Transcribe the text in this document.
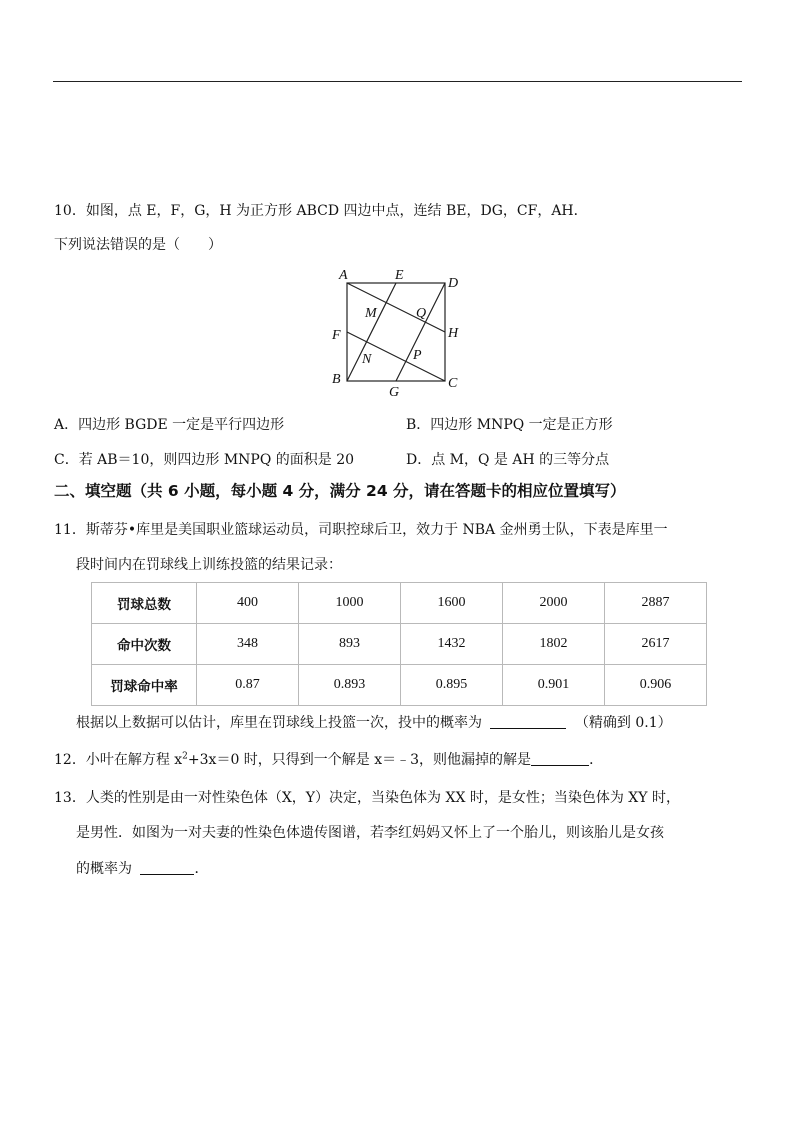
10．如图，点 E，F，G，H 为正方形 ABCD 四边中点，连结 BE，DG，CF，AH．
下列说法错误的是（　　）
A	E
D
M	Q
H
F
N	P
B
G
C
A．四边形 BGDE 一定是平行四边形	B．四边形 MNPQ 一定是正方形
C．若 AB＝10，则四边形 MNPQ 的面积是 20	D．点 M，Q 是 AH 的三等分点
二、填空题（共 6 小题，每小题 4 分，满分 24 分，请在答题卡的相应位置填写）
11．斯蒂芬•库里是美国职业篮球运动员，司职控球后卫，效力于 NBA 金州勇士队，下表是库里一
段时间内在罚球线上训练投篮的结果记录：
罚球总数	400	1000	1600	2000	2887
命中次数	348	893	1432	1802	2617
罚球命中率	0.87	0.893	0.895	0.901	0.906
根据以上数据可以估计，库里在罚球线上投篮一次，投中的概率为	（精确到 0.1）
12．小叶在解方程 $x^2+3x=0$ 时，只得到一个解是 x＝﹣3，则他漏掉的解是	．
13．人类的性别是由一对性染色体（X，Y）决定，当染色体为 XX 时，是女性；当染色体为 XY 时，
是男性．如图为一对夫妻的性染色体遗传图谱，若李红妈妈又怀上了一个胎儿，则该胎儿是女孩
的概率为	．
